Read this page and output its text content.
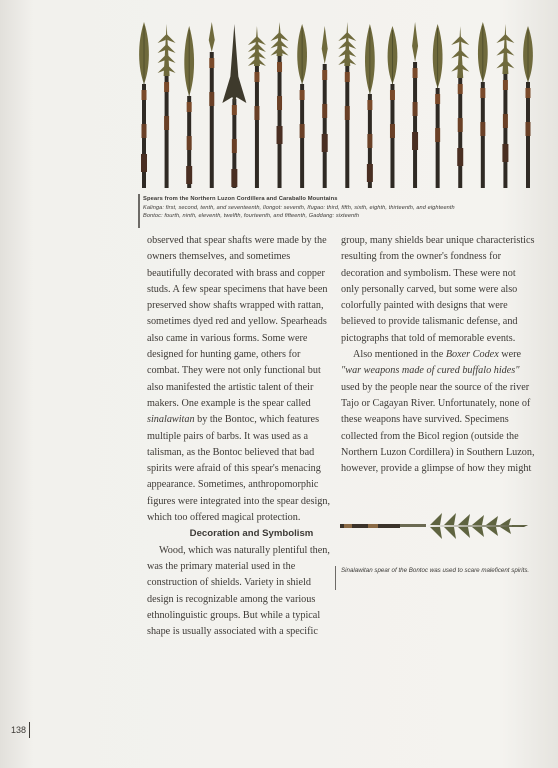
Spears from the Northern Luzon Cordillera and Caraballo Mountains
Kalinga: first, second, tenth, and seventeenth, Ilongot: seventh, Ifugao: third, fifth, sixth, eighth, thirteenth, and eighteenth
Bontoc: fourth, ninth, eleventh, twelfth, fourteenth, and fifteenth, Gaddang: sixteenth

observed that spear shafts were made by the owners themselves, and sometimes beautifully decorated with brass and copper studs. A few spear specimens that have been preserved show shafts wrapped with rattan, sometimes dyed red and yellow. Spearheads also came in various forms. Some were designed for hunting game, others for combat. They were not only functional but also manifested the artistic talent of their makers. One example is the spear called sinalawitan by the Bontoc, which features multiple pairs of barbs. It was used as a talisman, as the Bontoc believed that bad spirits were afraid of this spear's menacing appearance. Sometimes, anthropomorphic figures were integrated into the spear design, which too offered magical protection.

Decoration and Symbolism

Wood, which was naturally plentiful then, was the primary material used in the construction of shields. Variety in shield design is recognizable among the various ethnolinguistic groups. But while a typical shape is usually associated with a specific

group, many shields bear unique characteristics resulting from the owner's fondness for decoration and symbolism. These were not only personally carved, but some were also colorfully painted with designs that were believed to provide talismanic defense, and pictographs that told of memorable events.

Also mentioned in the Boxer Codex were "war weapons made of cured buffalo hides" used by the people near the source of the river Tajo or Cagayan River. Unfortunately, none of these weapons have survived. Specimens collected from the Bicol region (outside the Northern Luzon Cordillera) in Southern Luzon, however, provide a glimpse of how they might

Sinalawitan spear of the Bontoc was used to scare maleficent spirits.
138
